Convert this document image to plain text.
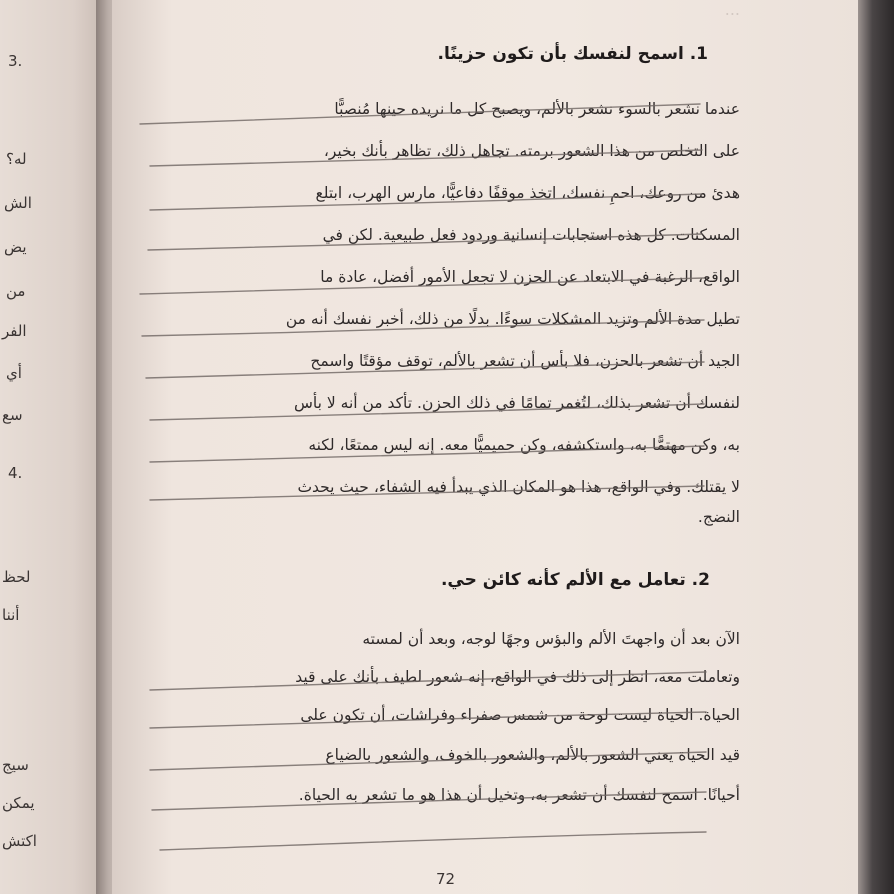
3.
له؟
الش
يض
من
الفر
أي
سع
4.
لحظ
أننا
سيج
يمكن
اكتش
...
1. اسمح لنفسك بأن تكون حزينًا.
عندما نشعر بالسوء نشعر بالألم، ويصبح كل ما نريده حينها مُنصبًّا
على التخلص من هذا الشعور برمته. تجاهل ذلك، تظاهر بأنك بخير،
هدئ من روعك، احمِ نفسك، اتخذ موقفًا دفاعيًّا، مارس الهرب، ابتلع
المسكنات. كل هذه استجابات إنسانية وردود فعل طبيعية. لكن في
الواقع، الرغبة في الابتعاد عن الحزن لا تجعل الأمور أفضل، عادة ما
تطيل مدة الألم وتزيد المشكلات سوءًا. بدلًا من ذلك، أخبر نفسك أنه من
الجيد أن تشعر بالحزن، فلا بأس أن تشعر بالألم، توقف مؤقتًا واسمح
لنفسك أن تشعر بذلك، لتُغمر تمامًا في ذلك الحزن. تأكد من أنه لا بأس
به، وكن مهتمًّا به، واستكشفه، وكن حميميًّا معه. إنه ليس ممتعًا، لكنه
لا يقتلك. وفي الواقع، هذا هو المكان الذي يبدأ فيه الشفاء، حيث يحدث
النضج.
2. تعامل مع الألم كأنه كائن حي.
الآن بعد أن واجهتَ الألم والبؤس وجهًا لوجه، وبعد أن لمسته
وتعاملت معه، انظر إلى ذلك في الواقع، إنه شعور لطيف بأنك على قيد
الحياة. الحياة ليست لوحة من شمس صفراء وفراشات، أن تكون على
قيد الحياة يعني الشعور بالألم، والشعور بالخوف، والشعور بالضياع
أحيانًا. اسمح لنفسك أن تشعر به، وتخيل أن هذا هو ما تشعر به الحياة.
72
